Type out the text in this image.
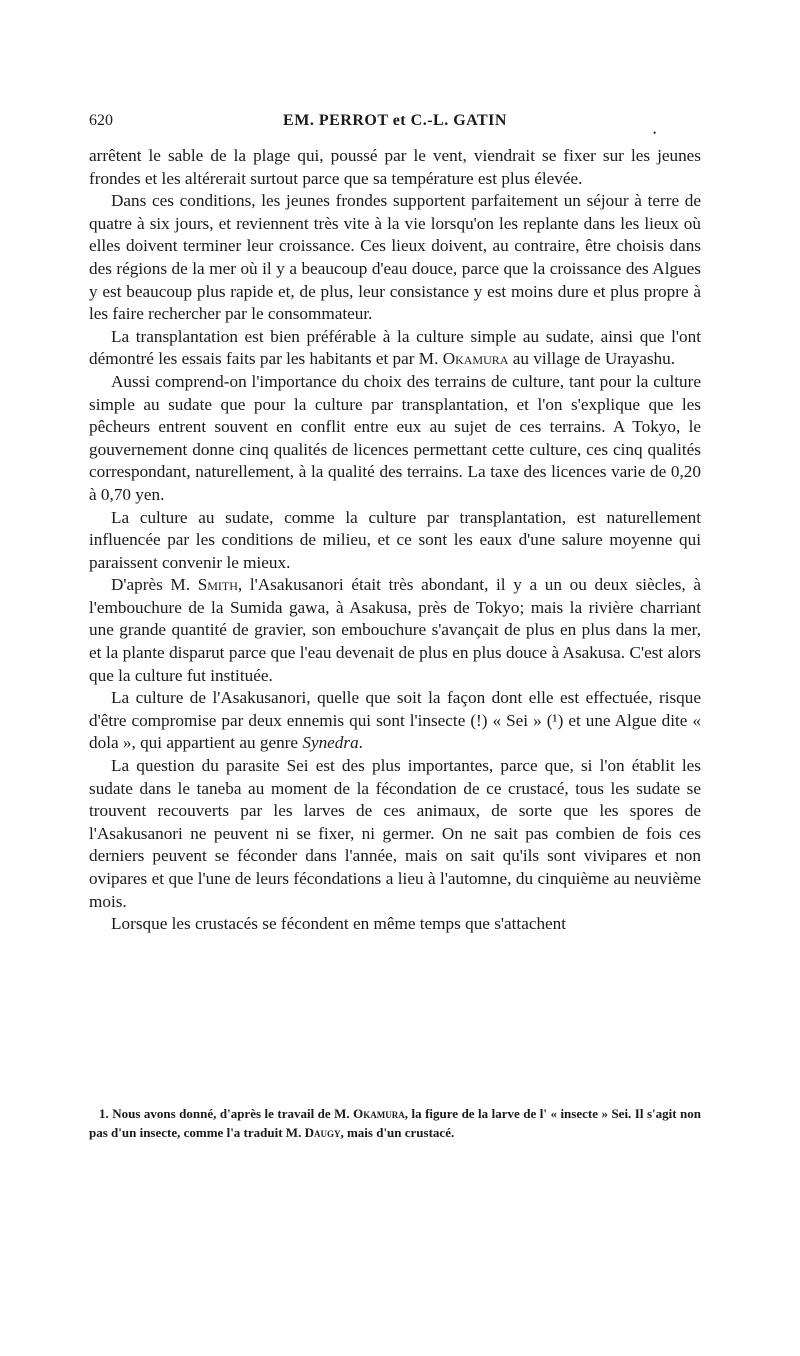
620	EM. PERROT et C.-L. GATIN
•

arrêtent le sable de la plage qui, poussé par le vent, viendrait se fixer sur les jeunes frondes et les altérerait surtout parce que sa température est plus élevée.

Dans ces conditions, les jeunes frondes supportent parfaitement un séjour à terre de quatre à six jours, et reviennent très vite à la vie lorsqu'on les replante dans les lieux où elles doivent terminer leur croissance. Ces lieux doivent, au contraire, être choisis dans des régions de la mer où il y a beaucoup d'eau douce, parce que la croissance des Algues y est beaucoup plus rapide et, de plus, leur consistance y est moins dure et plus propre à les faire rechercher par le consommateur.

La transplantation est bien préférable à la culture simple au sudate, ainsi que l'ont démontré les essais faits par les habitants et par M. Okamura au village de Urayashu.

Aussi comprend-on l'importance du choix des terrains de culture, tant pour la culture simple au sudate que pour la culture par transplantation, et l'on s'explique que les pêcheurs entrent souvent en conflit entre eux au sujet de ces terrains. A Tokyo, le gouvernement donne cinq qualités de licences permettant cette culture, ces cinq qualités correspondant, naturellement, à la qualité des terrains. La taxe des licences varie de 0,20 à 0,70 yen.

La culture au sudate, comme la culture par transplantation, est naturellement influencée par les conditions de milieu, et ce sont les eaux d'une salure moyenne qui paraissent convenir le mieux.

D'après M. Smith, l'Asakusanori était très abondant, il y a un ou deux siècles, à l'embouchure de la Sumida gawa, à Asakusa, près de Tokyo; mais la rivière charriant une grande quantité de gravier, son embouchure s'avançait de plus en plus dans la mer, et la plante disparut parce que l'eau devenait de plus en plus douce à Asakusa. C'est alors que la culture fut instituée.

La culture de l'Asakusanori, quelle que soit la façon dont elle est effectuée, risque d'être compromise par deux ennemis qui sont l'insecte (!) « Sei » (¹) et une Algue dite « dola », qui appartient au genre Synedra.

La question du parasite Sei est des plus importantes, parce que, si l'on établit les sudate dans le taneba au moment de la fécondation de ce crustacé, tous les sudate se trouvent recouverts par les larves de ces animaux, de sorte que les spores de l'Asakusanori ne peuvent ni se fixer, ni germer. On ne sait pas combien de fois ces derniers peuvent se féconder dans l'année, mais on sait qu'ils sont vivipares et non ovipares et que l'une de leurs fécondations a lieu à l'automne, du cinquième au neuvième mois.

Lorsque les crustacés se fécondent en même temps que s'attachent

1. Nous avons donné, d'après le travail de M. Okamura, la figure de la larve de l' « insecte » Sei. Il s'agit non pas d'un insecte, comme l'a traduit M. Daugy, mais d'un crustacé.
